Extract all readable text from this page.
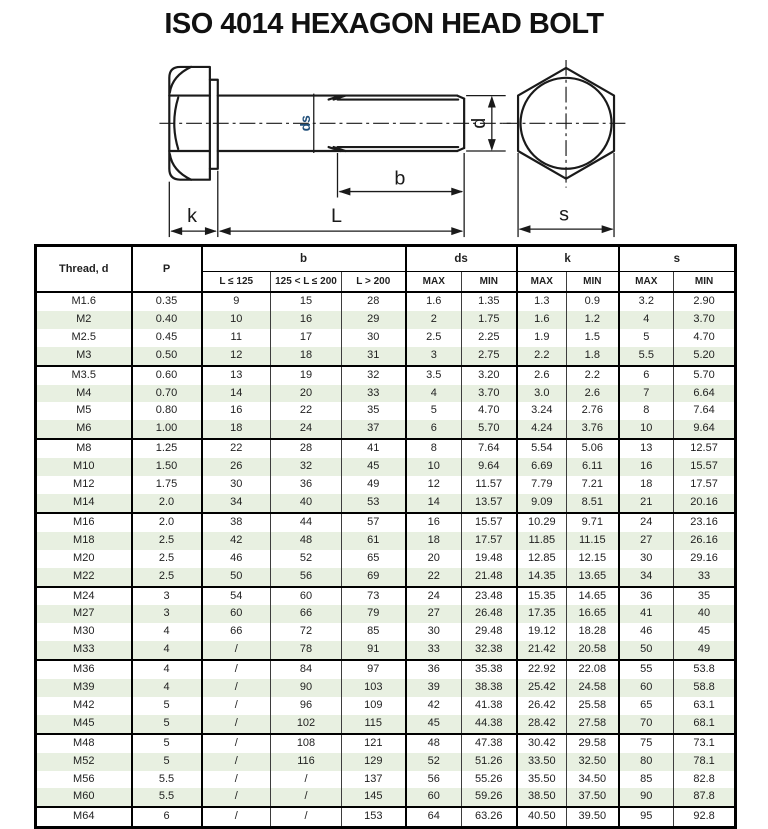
ISO 4014 HEXAGON HEAD BOLT
ds	d
b
L
k	s
Thread, d	P	b			ds		k		s	
		L ≤ 125	125 < L ≤ 200	L > 200	MAX	MIN	MAX	MIN	MAX	MIN
M1.6	0.35	9	15	28	1.6	1.35	1.3	0.9	3.2	2.90
M2	0.40	10	16	29	2	1.75	1.6	1.2	4	3.70
M2.5	0.45	11	17	30	2.5	2.25	1.9	1.5	5	4.70
M3	0.50	12	18	31	3	2.75	2.2	1.8	5.5	5.20
M3.5	0.60	13	19	32	3.5	3.20	2.6	2.2	6	5.70
M4	0.70	14	20	33	4	3.70	3.0	2.6	7	6.64
M5	0.80	16	22	35	5	4.70	3.24	2.76	8	7.64
M6	1.00	18	24	37	6	5.70	4.24	3.76	10	9.64
M8	1.25	22	28	41	8	7.64	5.54	5.06	13	12.57
M10	1.50	26	32	45	10	9.64	6.69	6.11	16	15.57
M12	1.75	30	36	49	12	11.57	7.79	7.21	18	17.57
M14	2.0	34	40	53	14	13.57	9.09	8.51	21	20.16
M16	2.0	38	44	57	16	15.57	10.29	9.71	24	23.16
M18	2.5	42	48	61	18	17.57	11.85	11.15	27	26.16
M20	2.5	46	52	65	20	19.48	12.85	12.15	30	29.16
M22	2.5	50	56	69	22	21.48	14.35	13.65	34	33
M24	3	54	60	73	24	23.48	15.35	14.65	36	35
M27	3	60	66	79	27	26.48	17.35	16.65	41	40
M30	4	66	72	85	30	29.48	19.12	18.28	46	45
M33	4	/	78	91	33	32.38	21.42	20.58	50	49
M36	4	/	84	97	36	35.38	22.92	22.08	55	53.8
M39	4	/	90	103	39	38.38	25.42	24.58	60	58.8
M42	5	/	96	109	42	41.38	26.42	25.58	65	63.1
M45	5	/	102	115	45	44.38	28.42	27.58	70	68.1
M48	5	/	108	121	48	47.38	30.42	29.58	75	73.1
M52	5	/	116	129	52	51.26	33.50	32.50	80	78.1
M56	5.5	/	/	137	56	55.26	35.50	34.50	85	82.8
M60	5.5	/	/	145	60	59.26	38.50	37.50	90	87.8
M64	6	/	/	153	64	63.26	40.50	39.50	95	92.8
